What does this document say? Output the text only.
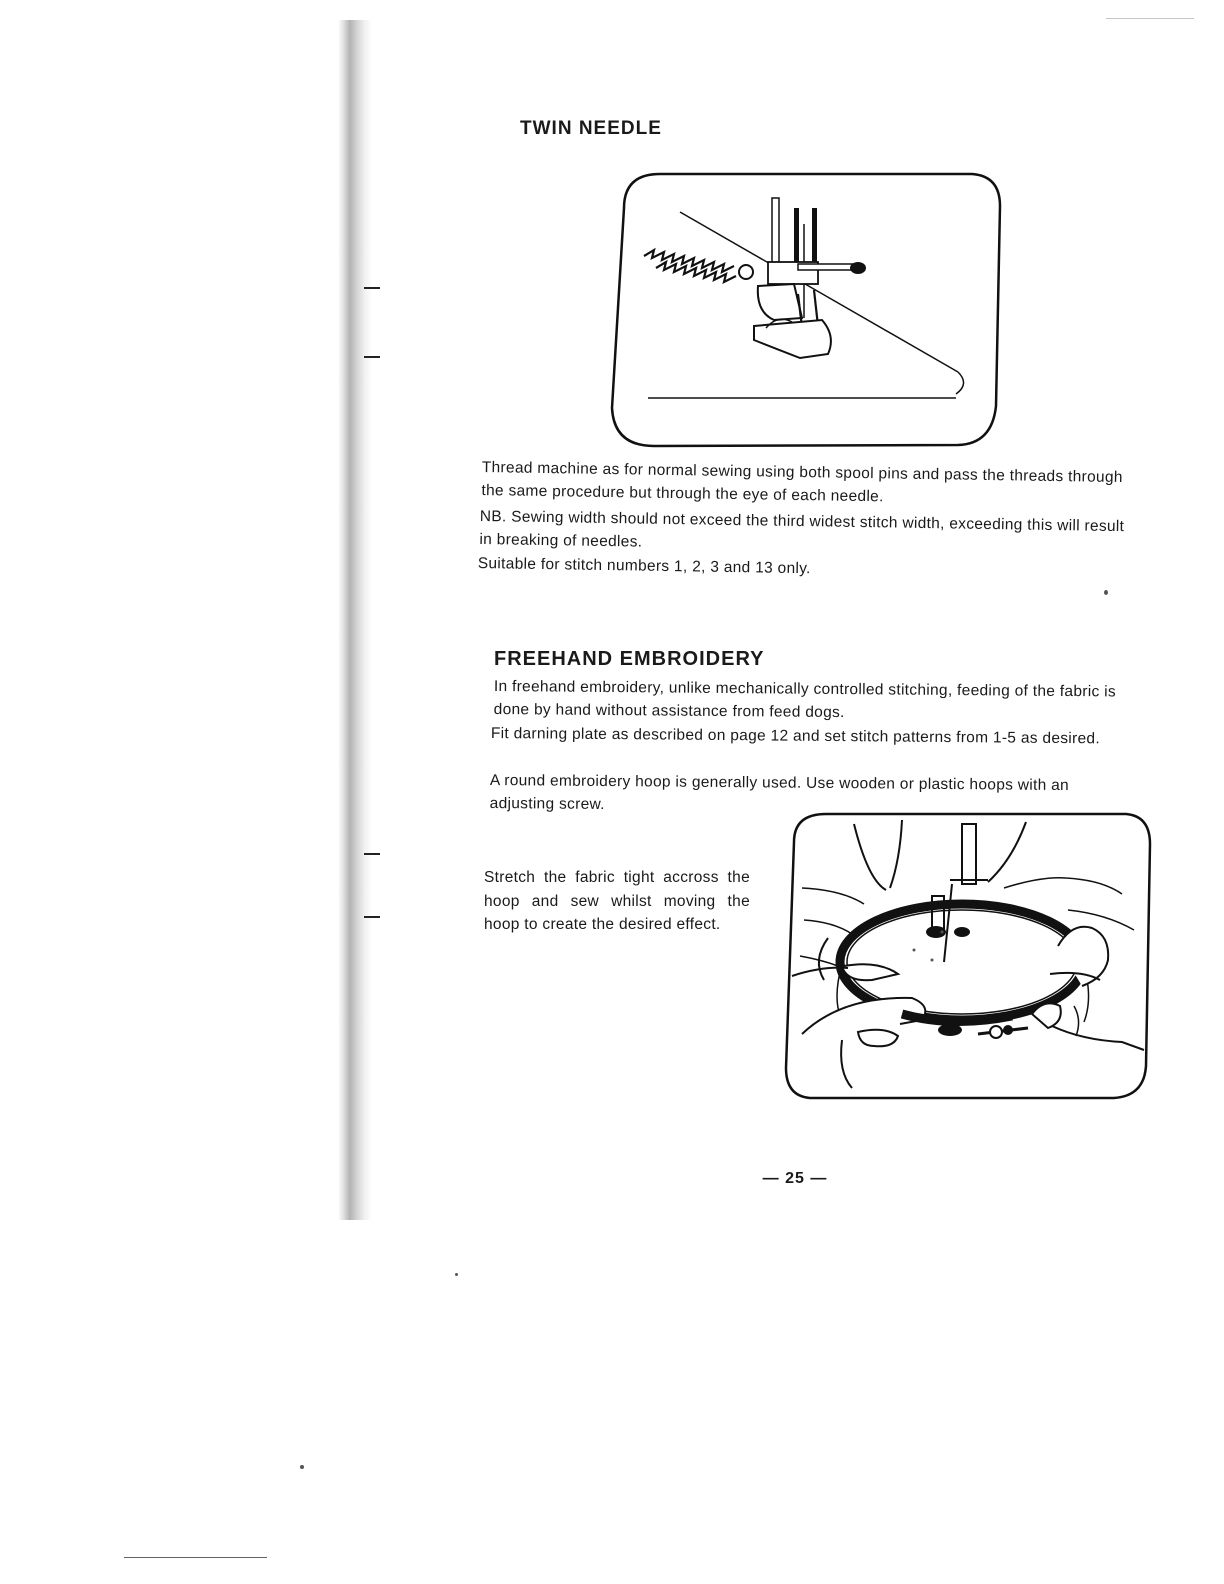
TWIN NEEDLE

Thread machine as for normal sewing using both spool pins and pass the threads through the same procedure but through the eye of each needle.

NB. Sewing width should not exceed the third widest stitch width, exceeding this will result in breaking of needles.

Suitable for stitch numbers 1, 2, 3 and 13 only.

FREEHAND EMBROIDERY

In freehand embroidery, unlike mechanically controlled stitching, feeding of the fabric is done by hand without assistance from feed dogs.

Fit darning plate as described on page 12 and set stitch patterns from 1-5 as desired.

A round embroidery hoop is generally used. Use wooden or plastic hoops with an adjusting screw.

Stretch the fabric tight accross the hoop and sew whilst moving the hoop to create the desired effect.

— 25 —
